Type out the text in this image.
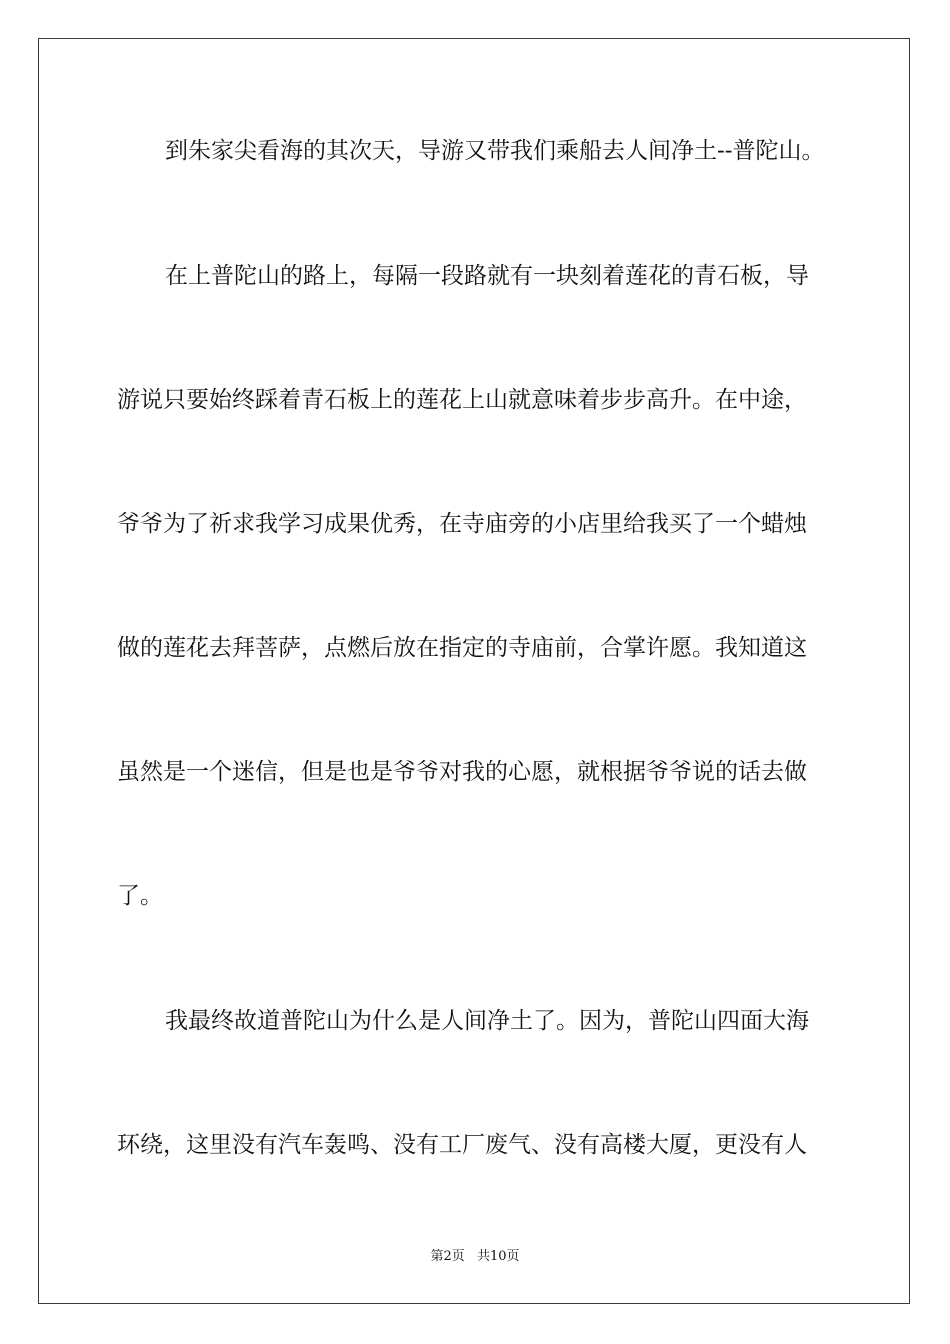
到朱家尖看海的其次天，导游又带我们乘船去人间净土--普陀山。

在上普陀山的路上，每隔一段路就有一块刻着莲花的青石板，导

游说只要始终踩着青石板上的莲花上山就意味着步步高升。在中途，

爷爷为了祈求我学习成果优秀，在寺庙旁的小店里给我买了一个蜡烛

做的莲花去拜菩萨，点燃后放在指定的寺庙前，合掌许愿。我知道这

虽然是一个迷信，但是也是爷爷对我的心愿，就根据爷爷说的话去做

了。

我最终故道普陀山为什么是人间净土了。因为，普陀山四面大海

环绕，这里没有汽车轰鸣、没有工厂废气、没有高楼大厦，更没有人

第2页 共10页
